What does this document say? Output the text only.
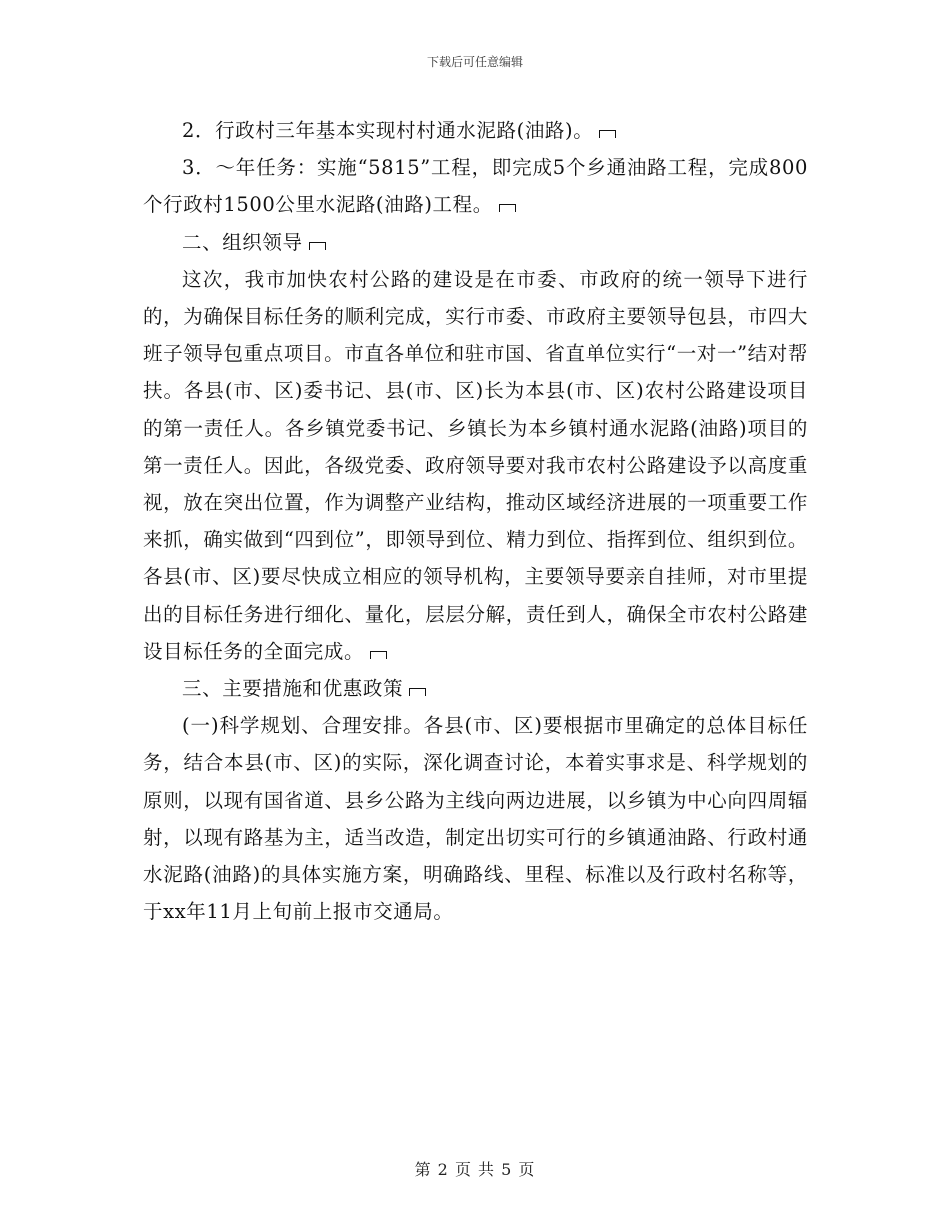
下载后可任意编辑

2．行政村三年基本实现村村通水泥路(油路)。

3．～年任务：实施“5815”工程，即完成5个乡通油路工程，完成800个行政村1500公里水泥路(油路)工程。

二、组织领导

这次，我市加快农村公路的建设是在市委、市政府的统一领导下进行的，为确保目标任务的顺利完成，实行市委、市政府主要领导包县，市四大班子领导包重点项目。市直各单位和驻市国、省直单位实行“一对一”结对帮扶。各县(市、区)委书记、县(市、区)长为本县(市、区)农村公路建设项目的第一责任人。各乡镇党委书记、乡镇长为本乡镇村通水泥路(油路)项目的第一责任人。因此，各级党委、政府领导要对我市农村公路建设予以高度重视，放在突出位置，作为调整产业结构，推动区域经济进展的一项重要工作来抓，确实做到“四到位”，即领导到位、精力到位、指挥到位、组织到位。各县(市、区)要尽快成立相应的领导机构，主要领导要亲自挂师，对市里提出的目标任务进行细化、量化，层层分解，责任到人，确保全市农村公路建设目标任务的全面完成。

三、主要措施和优惠政策

(一)科学规划、合理安排。各县(市、区)要根据市里确定的总体目标任务，结合本县(市、区)的实际，深化调查讨论，本着实事求是、科学规划的原则，以现有国省道、县乡公路为主线向两边进展，以乡镇为中心向四周辐射，以现有路基为主，适当改造，制定出切实可行的乡镇通油路、行政村通水泥路(油路)的具体实施方案，明确路线、里程、标准以及行政村名称等，于xx年11月上旬前上报市交通局。

第 2 页 共 5 页
